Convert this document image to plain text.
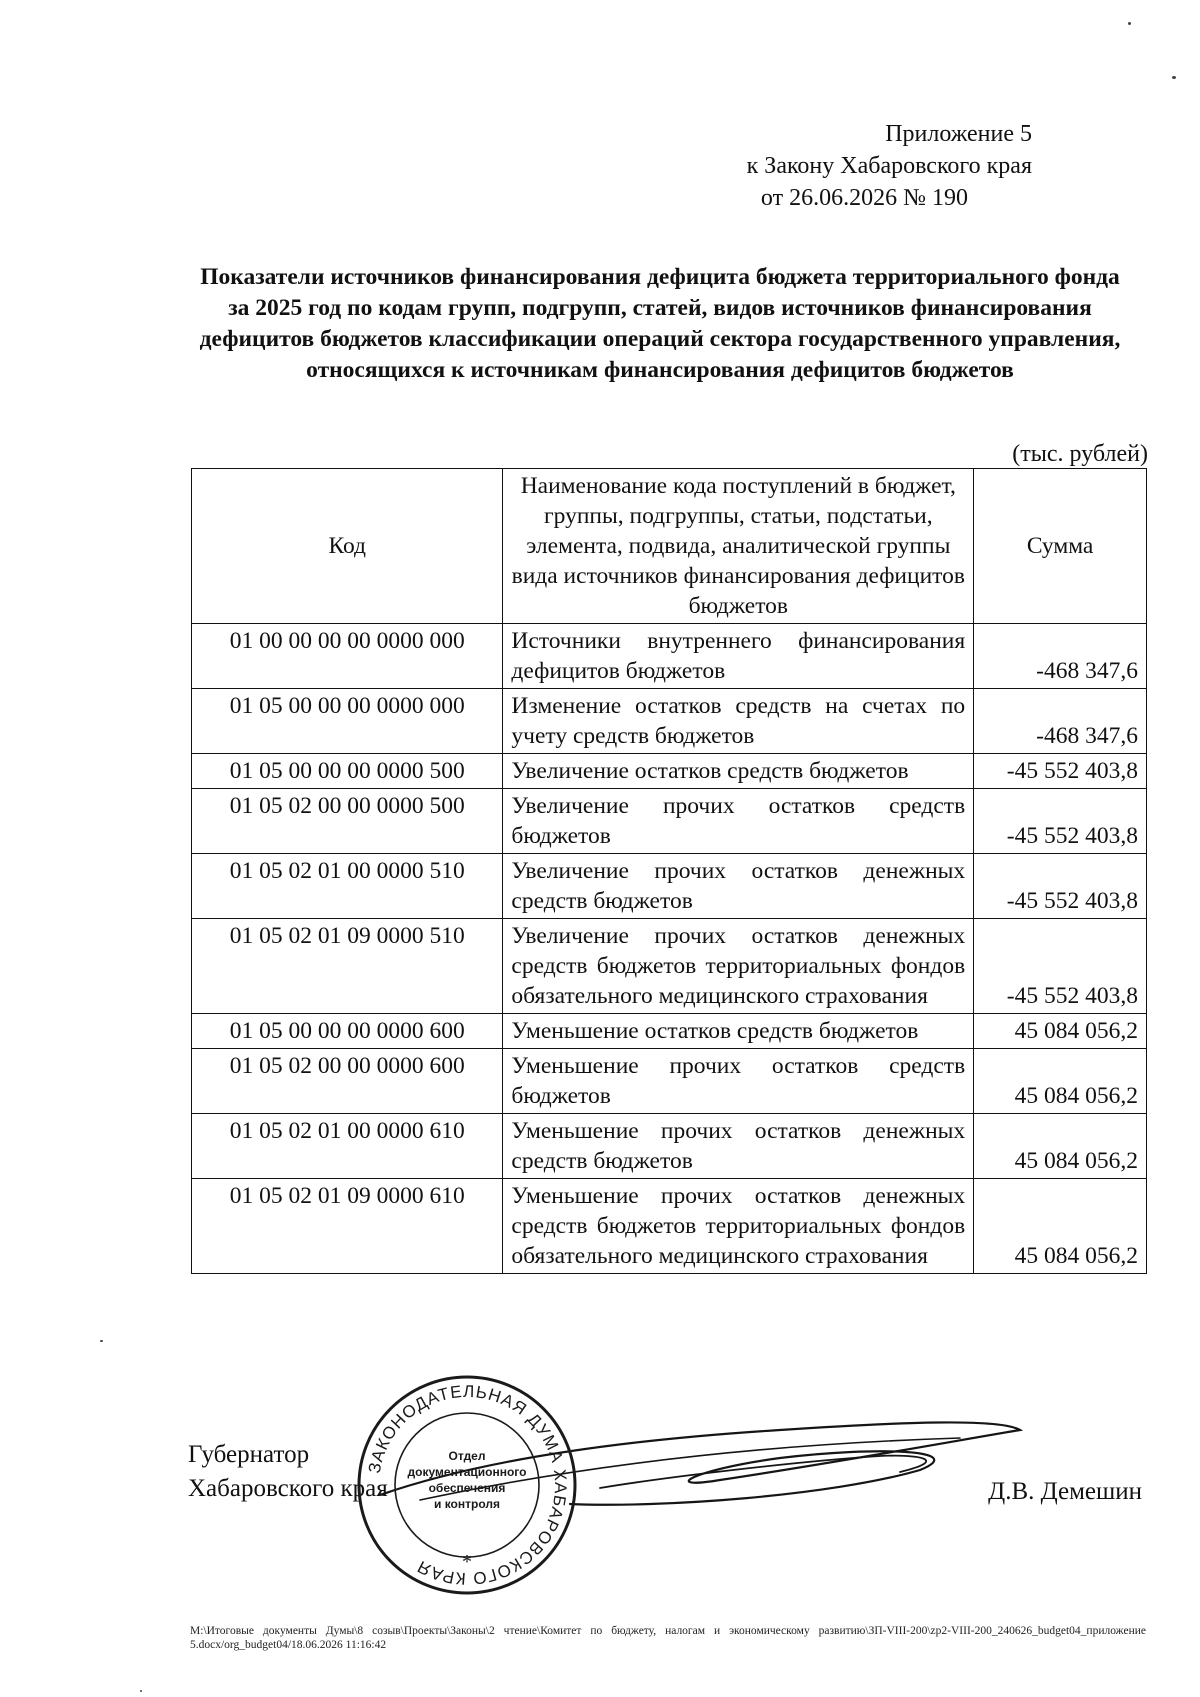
Приложение 5
к Закону Хабаровского края
от 26.06.2026 № 190
Показатели источников финансирования дефицита бюджета территориального фонда за 2025 год по кодам групп, подгрупп, статей, видов источников финансирования дефицитов бюджетов классификации операций сектора государственного управления, относящихся к источникам финансирования дефицитов бюджетов
(тыс. рублей)
Код	Наименование кода поступлений в бюджет, группы, подгруппы, статьи, подстатьи, элемента, подвида, аналитической группы вида источников финансирования дефицитов бюджетов	Сумма
01 00 00 00 00 0000 000	Источники внутреннего финансирования дефицитов бюджетов	-468 347,6
01 05 00 00 00 0000 000	Изменение остатков средств на счетах по учету средств бюджетов	-468 347,6
01 05 00 00 00 0000 500	Увеличение остатков средств бюджетов	-45 552 403,8
01 05 02 00 00 0000 500	Увеличение прочих остатков средств бюджетов	-45 552 403,8
01 05 02 01 00 0000 510	Увеличение прочих остатков денежных средств бюджетов	-45 552 403,8
01 05 02 01 09 0000 510	Увеличение прочих остатков денежных средств бюджетов территориальных фондов обязательного медицинского страхования	-45 552 403,8
01 05 00 00 00 0000 600	Уменьшение остатков средств бюджетов	45 084 056,2
01 05 02 00 00 0000 600	Уменьшение прочих остатков средств бюджетов	45 084 056,2
01 05 02 01 00 0000 610	Уменьшение прочих остатков денежных средств бюджетов	45 084 056,2
01 05 02 01 09 0000 610	Уменьшение прочих остатков денежных средств бюджетов территориальных фондов обязательного медицинского страхования	45 084 056,2
Губернатор
Хабаровского края	Д.В. Демешин
ЗАКОНОДАТЕЛЬНАЯ ДУМА ХАБАРОВСКОГО КРАЯ
Отдел
документационного
обеспечения
и контроля
*
M:\Итоговые документы Думы\8 созыв\Проекты\Законы\2 чтение\Комитет по бюджету, налогам и экономическому развитию\ЗП-VIII-200\zp2-VIII-200_240626_budget04_приложение 5.docx/org_budget04/18.06.2026 11:16:42
